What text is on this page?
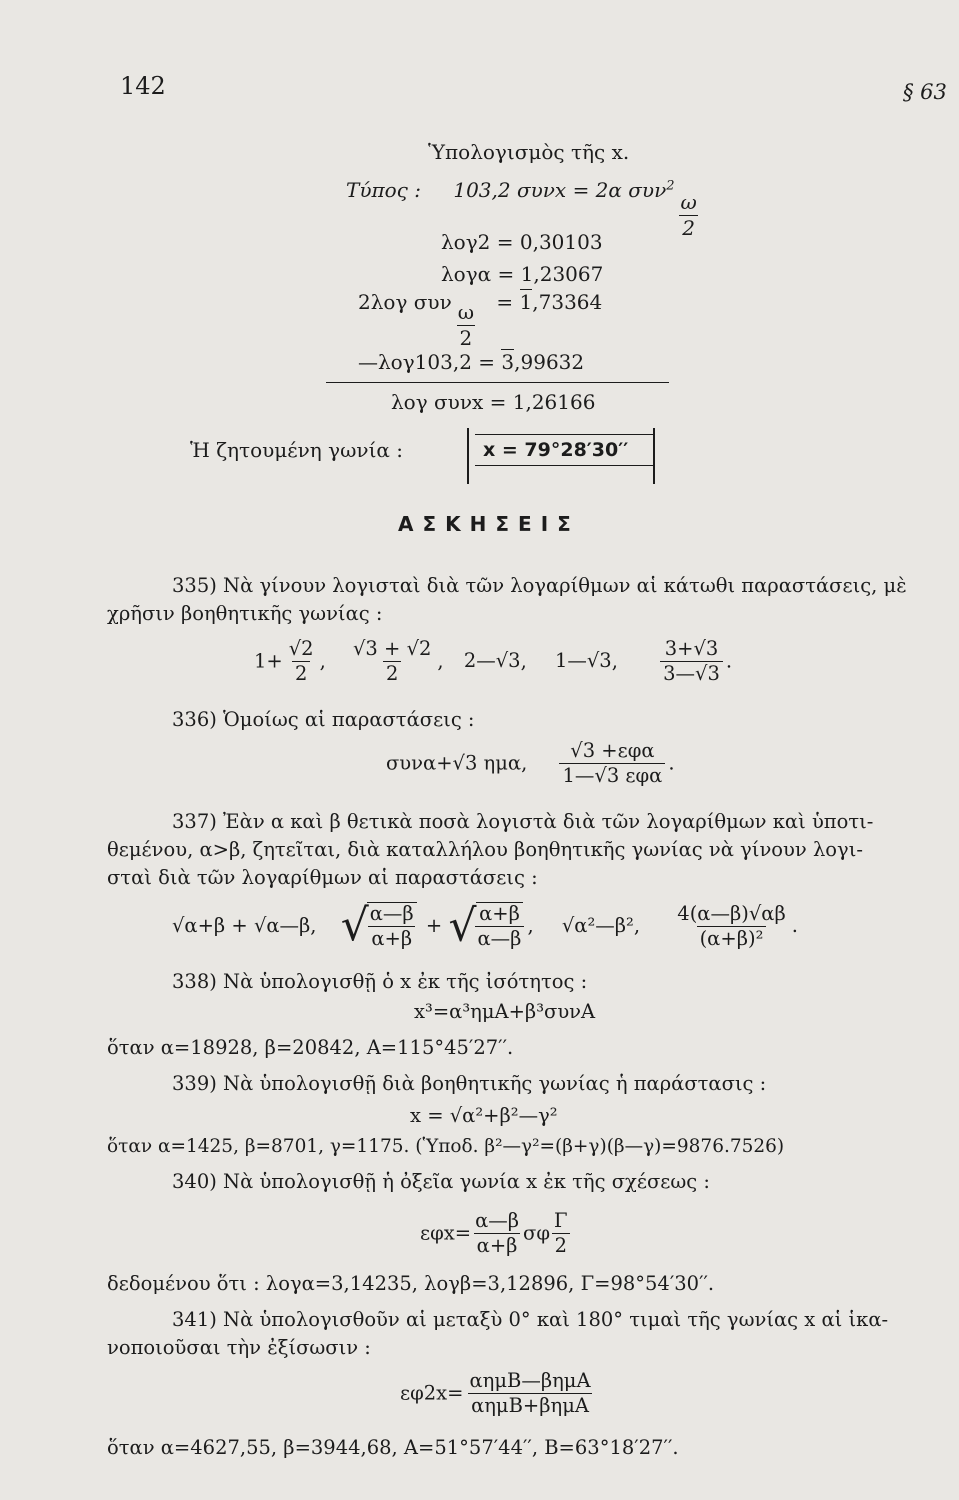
142	§ 63
Ὑπολογισμὸς τῆς x.
Τύπος : 103,2 συνx = 2α συν$^2$
$\frac{\omega}{2}$
λογ2 = 0,30103
λογα = 1,23067
2λογ συν $\frac{\omega}{2} = 1,73364$
—λογ103,2 = 3,99632
λογ συνx = 1,26166
Ἡ ζητουμένη γωνία :	x = 79°28′30′′
ΑΣΚΗΣΕΙΣ
335) Νὰ γίνουν λογισταὶ διὰ τῶν λογαρίθμων αἱ κάτωθι παραστάσεις, μὲ
χρῆσιν βοηθητικῆς γωνίας :
$1+ \frac{√2}{2}$ , $\frac{√3 + √2}{2}$ , 2—√3, 1—√3, $\frac{3+√3}{3—√3}$ .
336) Ὁμοίως αἱ παραστάσεις :
συνα+√3 ημα, $\frac{\text{√3 +εφα}}{\text{1—√3 εφα}}$ .
337) Ἐὰν α καὶ β θετικὰ ποσὰ λογιστὰ διὰ τῶν λογαρίθμων καὶ ὑποτι-
θεμένου, α>β, ζητεῖται, διὰ καταλλήλου βοηθητικῆς γωνίας νὰ γίνουν λογι-
σταὶ διὰ τῶν λογαρίθμων αἱ παραστάσεις :
√α+β + √α—β, √
$\frac{\alpha—\beta}{\alpha+\beta}$ + √
$\frac{\alpha+\beta}{\alpha—\beta}$ , √α²—β², $\frac{4(\alpha—\beta)√\alpha\beta}{\text{(α+β)²}}$ .
338) Νὰ ὑπολογισθῇ ὁ x ἐκ τῆς ἰσότητος :
x³=α³ημΑ+β³συνΑ
ὅταν α=18928, β=20842, Α=115°45′27′′.
339) Νὰ ὑπολογισθῇ διὰ βοηθητικῆς γωνίας ἡ παράστασις :
x = √α²+β²—γ²
ὅταν α=1425, β=8701, γ=1175. (Ὑποδ. β²—γ²=(β+γ)(β—γ)=9876.7526)
340) Νὰ ὑπολογισθῇ ἡ ὀξεῖα γωνία x ἐκ τῆς σχέσεως :
$\varepsilon\varphi x= \frac{\alpha—\beta}{\alpha+\beta}$ σφ $\frac{\Gamma}{2}$
δεδομένου ὅτι : λογα=3,14235, λογβ=3,12896, Γ=98°54′30′′.
341) Νὰ ὑπολογισθοῦν αἱ μεταξὺ 0° καὶ 180° τιμαὶ τῆς γωνίας x αἱ ἱκα-
νοποιοῦσαι τὴν ἐξίσωσιν :
$\varepsilon\varphi 2x= \frac{\text{αημΒ—βημΑ}}{\text{αημΒ+βημΑ}}$
ὅταν α=4627,55, β=3944,68, Α=51°57′44′′, Β=63°18′27′′.
